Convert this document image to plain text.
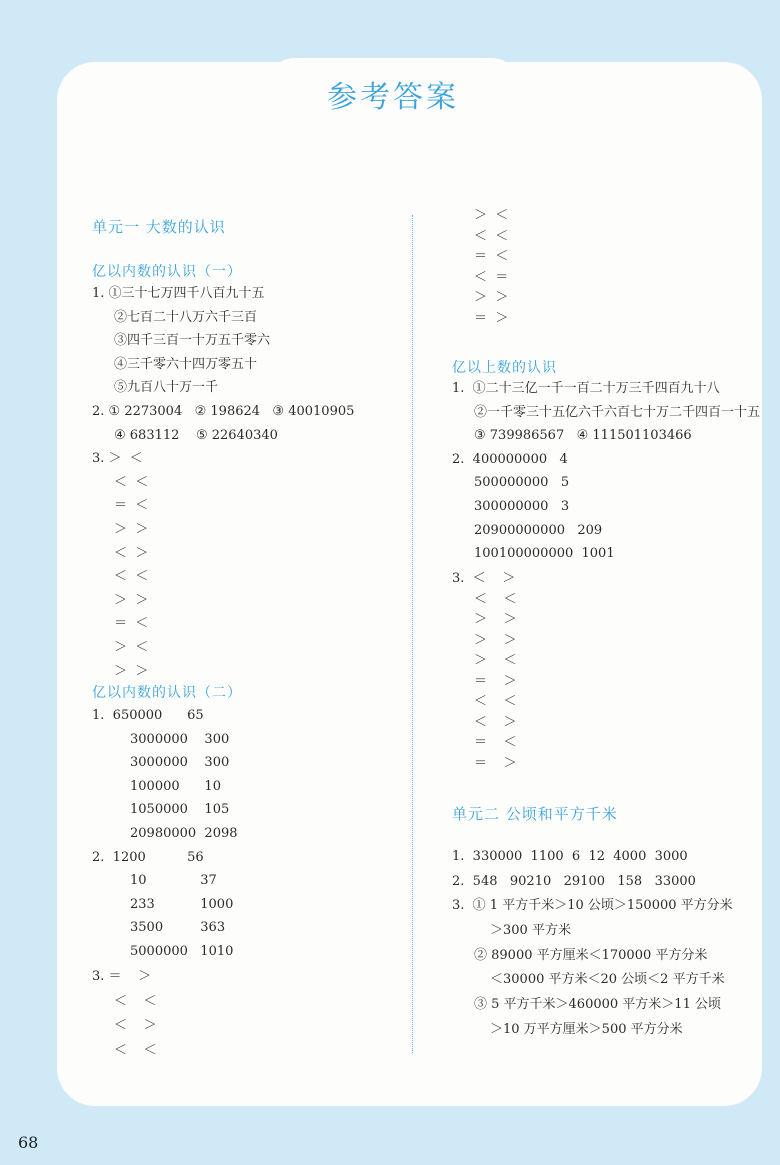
参考答案
单元一 大数的认识
亿以内数的认识（一）
1. ①三十七万四千八百九十五
②七百二十八万六千三百
③四千三百一十万五千零六
④三千零六十四万零五十
⑤九百八十万一千
2. ① 2273004   ② 198624   ③ 40010905
④ 683112    ⑤ 22640340
3. ＞  ＜
＜  ＜
＝  ＜
＞  ＞
＜  ＞
＜  ＜
＞  ＞
＝  ＜
＞  ＜
＞  ＞
亿以内数的认识（二）
1.  650000      65
3000000    300
3000000    300
100000      10
1050000    105
20980000  2098
2.  1200          56
10             37
233           1000
3500         363
5000000   1010
3. ＝    ＞
＜    ＜
＜    ＞
＜    ＜
＞  ＜
＜  ＜
＝  ＜
＜  ＝
＞  ＞
＝  ＞
亿以上数的认识
1.  ①二十三亿一千一百二十万三千四百九十八
②一千零三十五亿六千六百七十万二千四百一十五
③ 739986567   ④ 111501103466
2.  400000000   4
500000000   5
300000000   3
20900000000   209
100100000000  1001
3.  ＜    ＞
＜    ＜
＞    ＞
＞    ＞
＞    ＜
＝    ＞
＜    ＜
＜    ＞
＝    ＜
＝    ＞
单元二 公顷和平方千米
1.  330000  1100  6  12  4000  3000
2.  548   90210   29100   158   33000
3.  ① 1 平方千米＞10 公顷＞150000 平方分米
＞300 平方米
② 89000 平方厘米＜170000 平方分米
＜30000 平方米＜20 公顷＜2 平方千米
③ 5 平方千米＞460000 平方米＞11 公顷
＞10 万平方厘米＞500 平方分米
68
